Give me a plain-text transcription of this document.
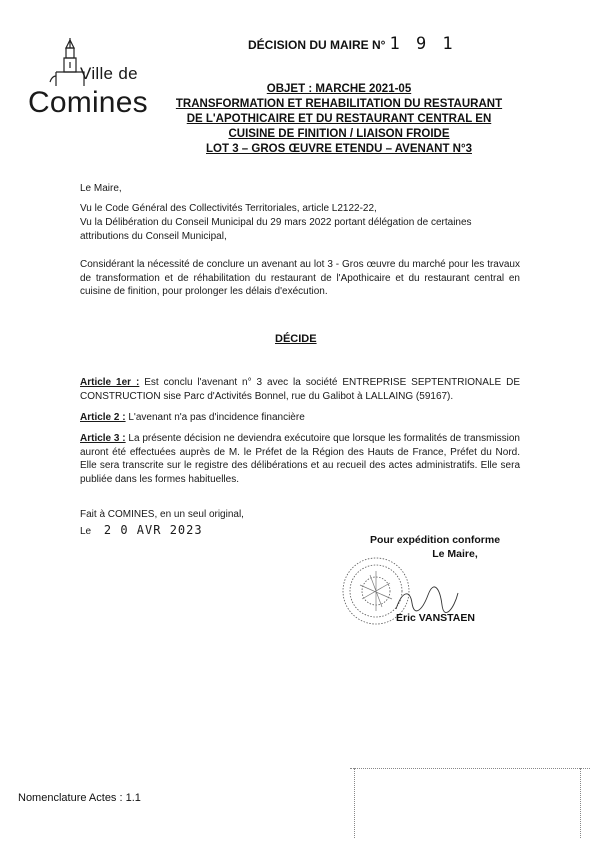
Ville de
Comines
DÉCISION DU MAIRE N° 1 9 1
OBJET : MARCHE 2021-05
TRANSFORMATION ET REHABILITATION DU RESTAURANT
DE L'APOTHICAIRE ET DU RESTAURANT CENTRAL EN
CUISINE DE FINITION / LIAISON FROIDE
LOT 3 – GROS ŒUVRE ETENDU – AVENANT N°3
Le Maire,
Vu le Code Général des Collectivités Territoriales, article L2122-22,
Vu la Délibération du Conseil Municipal du 29 mars 2022 portant délégation de certaines attributions du Conseil Municipal,
Considérant la nécessité de conclure un avenant au lot 3 - Gros œuvre du marché pour les travaux de transformation et de réhabilitation du restaurant de l'Apothicaire et du restaurant central en cuisine de finition, pour prolonger les délais d'exécution.
DÉCIDE
Article 1er : Est conclu l'avenant n° 3 avec la société ENTREPRISE SEPTENTRIONALE DE CONSTRUCTION sise Parc d'Activités Bonnel, rue du Galibot à LALLAING (59167).
Article 2 : L'avenant n'a pas d'incidence financière
Article 3 : La présente décision ne deviendra exécutoire que lorsque les formalités de transmission auront été effectuées auprès de M. le Préfet de la Région des Hauts de France, Préfet du Nord. Elle sera transcrite sur le registre des délibérations et au recueil des actes administratifs. Elle sera publiée dans les formes habituelles.
Fait à COMINES, en un seul original,
Le 2 0 AVR 2023
Pour expédition conforme
Le Maire,
Eric VANSTAEN
Nomenclature Actes : 1.1
